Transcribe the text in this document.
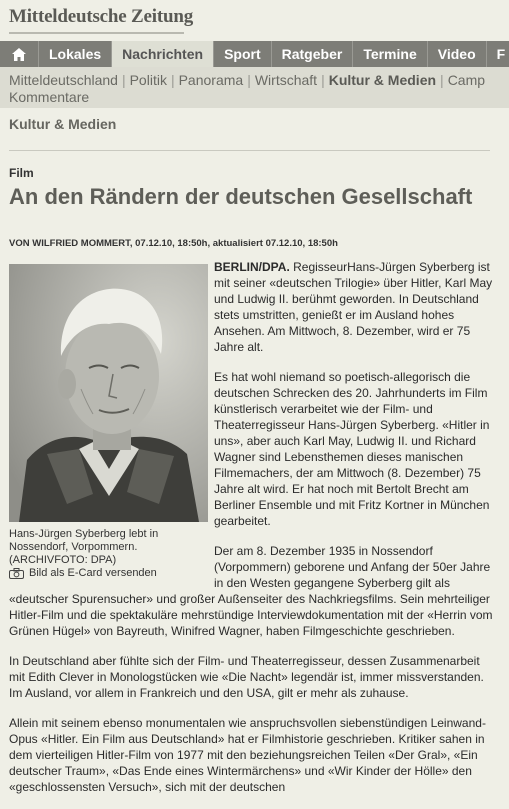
Mitteldeutsche Zeitung
Lokales	Nachrichten	Sport	Ratgeber	Termine	Video	F
Mitteldeutschland | Politik | Panorama | Wirtschaft | Kultur & Medien | Camp
Kommentare
Kultur & Medien
Film
An den Rändern der deutschen Gesellschaft
VON WILFRIED MOMMERT, 07.12.10, 18:50h, aktualisiert 07.12.10, 18:50h
Hans-Jürgen Syberberg lebt in Nossendorf, Vorpommern. (ARCHIVFOTO: DPA)
Bild als E-Card versenden

BERLIN/DPA. RegisseurHans-Jürgen Syberberg ist mit seiner «deutschen Trilogie» über Hitler, Karl May und Ludwig II. berühmt geworden. In Deutschland stets umstritten, genießt er im Ausland hohes Ansehen. Am Mittwoch, 8. Dezember, wird er 75 Jahre alt.

Es hat wohl niemand so poetisch-allegorisch die deutschen Schrecken des 20. Jahrhunderts im Film künstlerisch verarbeitet wie der Film- und Theaterregisseur Hans-Jürgen Syberberg. «Hitler in uns», aber auch Karl May, Ludwig II. und Richard Wagner sind Lebensthemen dieses manischen Filmemachers, der am Mittwoch (8. Dezember) 75 Jahre alt wird. Er hat noch mit Bertolt Brecht am Berliner Ensemble und mit Fritz Kortner in München gearbeitet.

Der am 8. Dezember 1935 in Nossendorf (Vorpommern) geborene und Anfang der 50er Jahre in den Westen gegangene Syberberg gilt als «deutscher Spurensucher» und großer Außenseiter des Nachkriegsfilms. Sein mehrteiliger Hitler-Film und die spektakuläre mehrstündige Interviewdokumentation mit der «Herrin vom Grünen Hügel» von Bayreuth, Winifred Wagner, haben Filmgeschichte geschrieben.

In Deutschland aber fühlte sich der Film- und Theaterregisseur, dessen Zusammenarbeit mit Edith Clever in Monologstücken wie «Die Nacht» legendär ist, immer missverstanden. Im Ausland, vor allem in Frankreich und den USA, gilt er mehr als zuhause.

Allein mit seinem ebenso monumentalen wie anspruchsvollen siebenstündigen Leinwand-Opus «Hitler. Ein Film aus Deutschland» hat er Filmhistorie geschrieben. Kritiker sahen in dem vierteiligen Hitler-Film von 1977 mit den beziehungsreichen Teilen «Der Gral», «Ein deutscher Traum», «Das Ende eines Wintermärchens» und «Wir Kinder der Hölle» den «geschlossensten Versuch», sich mit der deutschen
